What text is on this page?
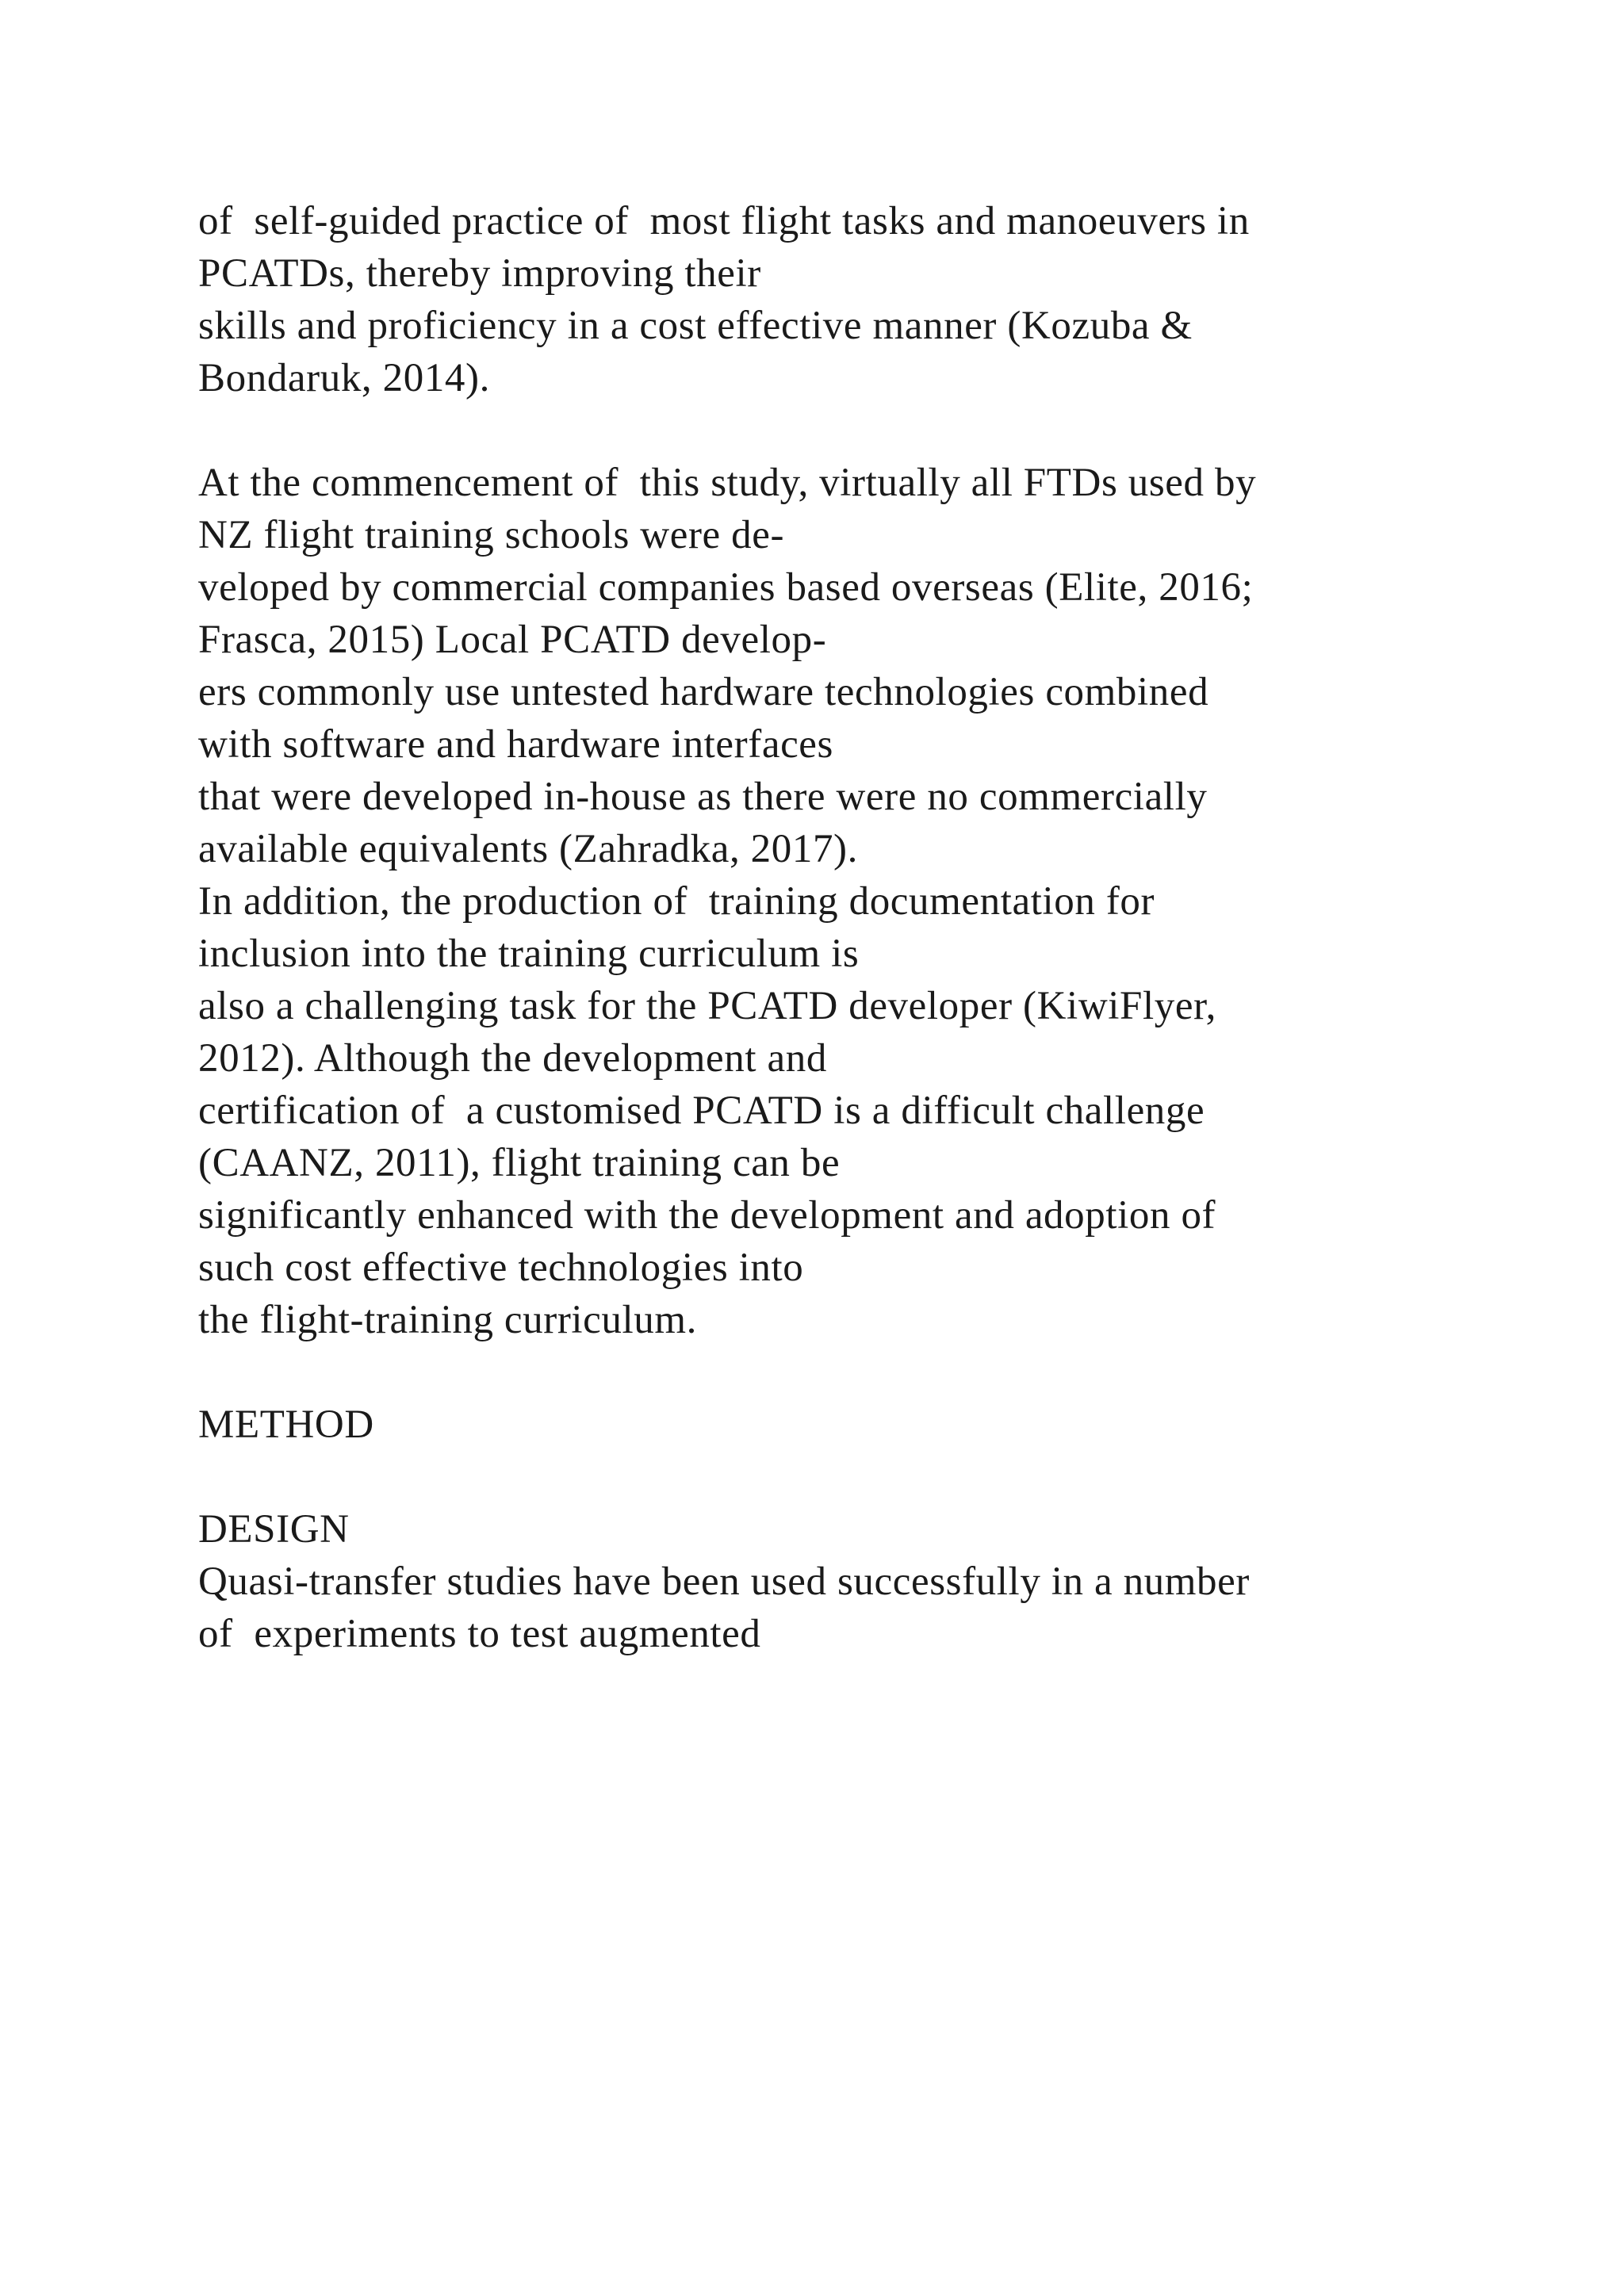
of  self-guided practice of  most flight tasks and manoeuvers in
PCATDs, thereby improving their
skills and proficiency in a cost effective manner (Kozuba &
Bondaruk, 2014).
At the commencement of  this study, virtually all FTDs used by
NZ flight training schools were de-
veloped by commercial companies based overseas (Elite, 2016;
Frasca, 2015) Local PCATD develop-
ers commonly use untested hardware technologies combined
with software and hardware interfaces
that were developed in-house as there were no commercially
available equivalents (Zahradka, 2017).
In addition, the production of  training documentation for
inclusion into the training curriculum is
also a challenging task for the PCATD developer (KiwiFlyer,
2012). Although the development and
certification of  a customised PCATD is a difficult challenge
(CAANZ, 2011), flight training can be
significantly enhanced with the development and adoption of
such cost effective technologies into
the flight-training curriculum.
METHOD
DESIGN
Quasi-transfer studies have been used successfully in a number
of  experiments to test augmented
